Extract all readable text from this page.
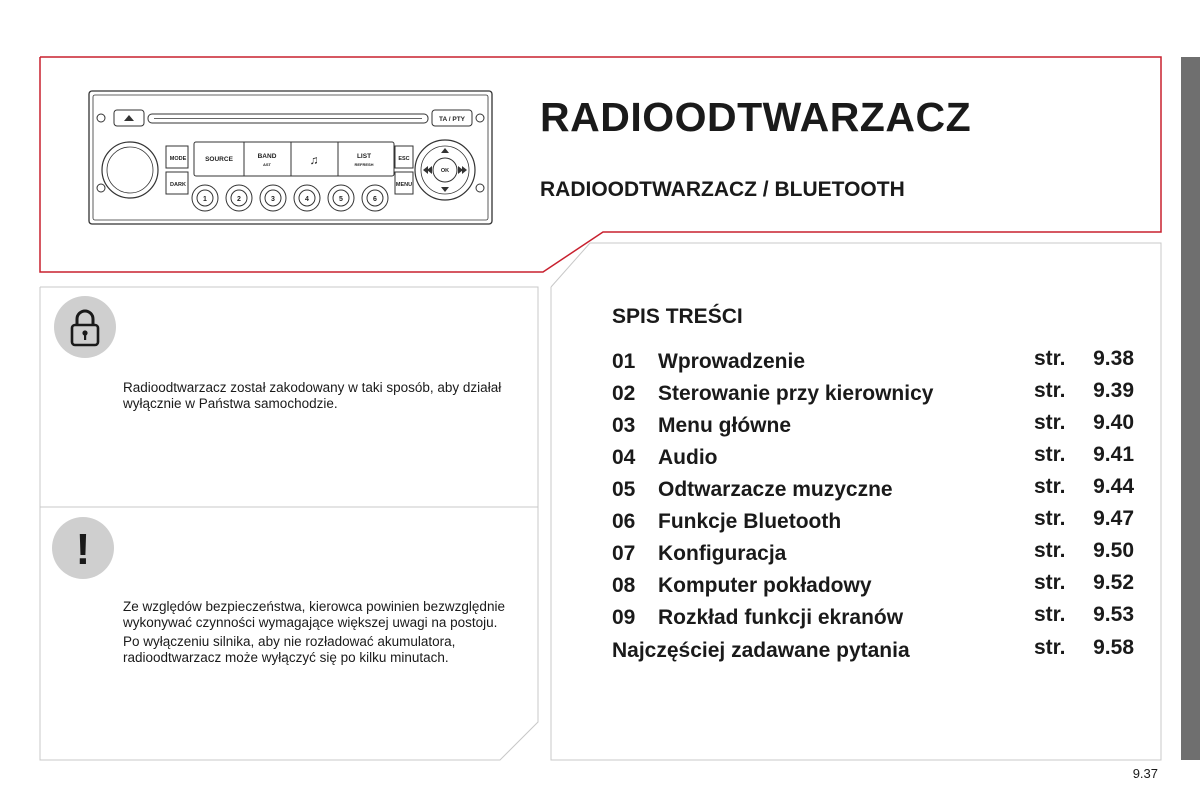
TA / PTY
MODE
DARK
SOURCE	BAND
AST	♫	LIST
REFRESH
ESC
MENU
OK
1	2	3	4	5	6
RADIOODTWARZACZ
RADIOODTWARZACZ / BLUETOOTH

Radioodtwarzacz został zakodowany w taki sposób, aby działał wyłącznie w Państwa samochodzie.

!

Ze względów bezpieczeństwa, kierowca powinien bezwzględnie wykonywać czynności wymagające większej uwagi na postoju.

Po wyłączeniu silnika, aby nie rozładować akumulatora, radioodtwarzacz może wyłączyć się po kilku minutach.

SPIS TREŚCI
01 Wprowadzenie	str. 9.38
02 Sterowanie przy kierownicy	str. 9.39
03 Menu główne	str. 9.40
04 Audio	str. 9.41
05 Odtwarzacze muzyczne	str. 9.44
06 Funkcje Bluetooth	str. 9.47
07 Konfiguracja	str. 9.50
08 Komputer pokładowy	str. 9.52
09 Rozkład funkcji ekranów	str. 9.53
Najczęściej zadawane pytania	str. 9.58
9.37
